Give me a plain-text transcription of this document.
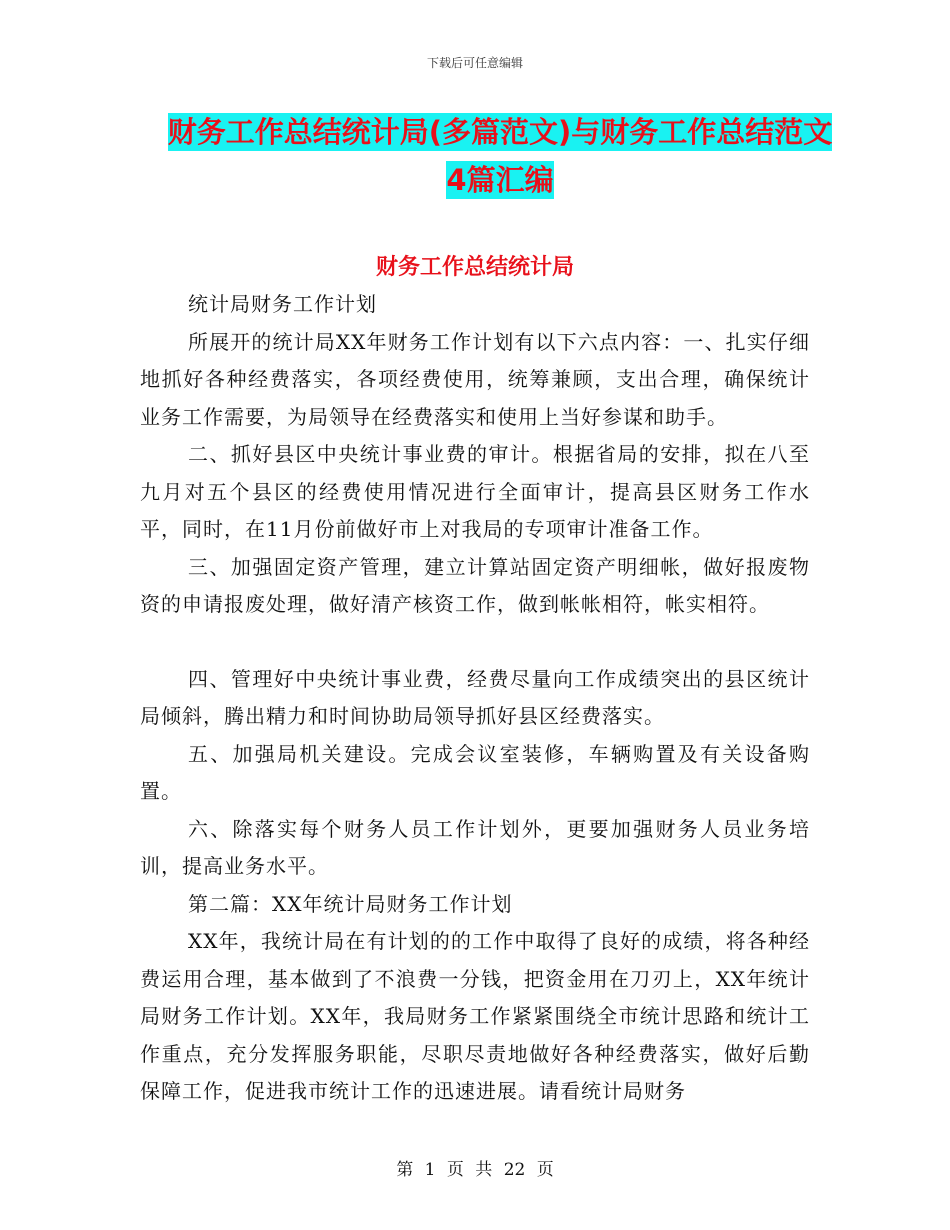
下载后可任意编辑
财务工作总结统计局(多篇范文)与财务工作总结范文
4篇汇编
财务工作总结统计局

统计局财务工作计划

所展开的统计局XX年财务工作计划有以下六点内容：一、扎实仔细地抓好各种经费落实，各项经费使用，统筹兼顾，支出合理，确保统计业务工作需要，为局领导在经费落实和使用上当好参谋和助手。

二、抓好县区中央统计事业费的审计。根据省局的安排，拟在八至九月对五个县区的经费使用情况进行全面审计，提高县区财务工作水平，同时，在11月份前做好市上对我局的专项审计准备工作。

三、加强固定资产管理，建立计算站固定资产明细帐，做好报废物资的申请报废处理，做好清产核资工作，做到帐帐相符，帐实相符。

四、管理好中央统计事业费，经费尽量向工作成绩突出的县区统计局倾斜，腾出精力和时间协助局领导抓好县区经费落实。

五、加强局机关建设。完成会议室装修，车辆购置及有关设备购置。

六、除落实每个财务人员工作计划外，更要加强财务人员业务培训，提高业务水平。

第二篇：XX年统计局财务工作计划

XX年，我统计局在有计划的的工作中取得了良好的成绩，将各种经费运用合理，基本做到了不浪费一分钱，把资金用在刀刃上，XX年统计局财务工作计划。XX年，我局财务工作紧紧围绕全市统计思路和统计工作重点，充分发挥服务职能，尽职尽责地做好各种经费落实，做好后勤保障工作，促进我市统计工作的迅速进展。请看统计局财务

第 1 页 共 22 页
